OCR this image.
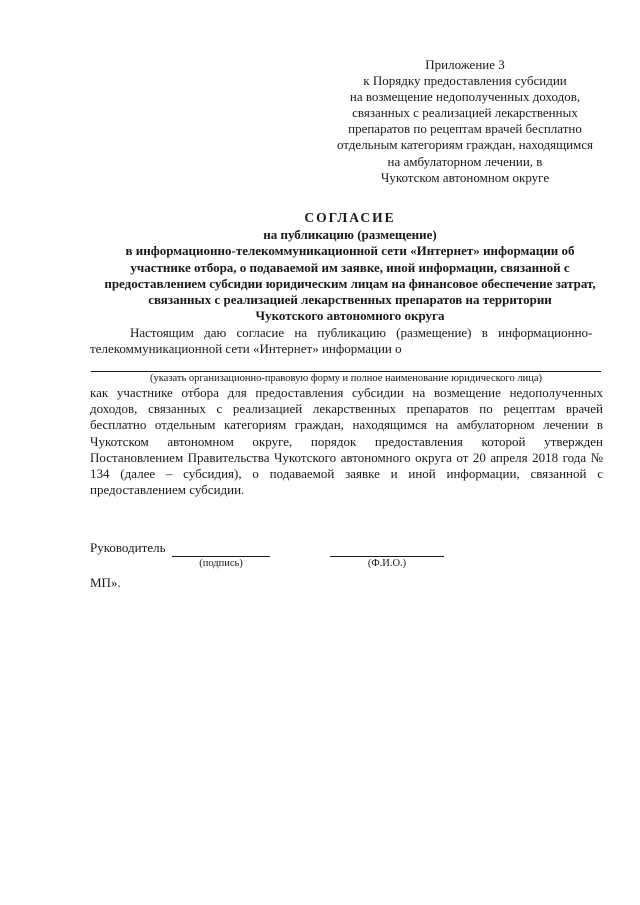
Приложение 3
к Порядку предоставления субсидии
на возмещение недополученных доходов,
связанных с реализацией лекарственных
препаратов по рецептам врачей бесплатно
отдельным категориям граждан, находящимся
на амбулаторном лечении, в
Чукотском автономном округе
СОГЛАСИЕ
на публикацию (размещение)
в информационно-телекоммуникационной сети «Интернет» информации об
участнике отбора, о подаваемой им заявке, иной информации, связанной с
предоставлением субсидии юридическим лицам на финансовое обеспечение затрат,
связанных с реализацией лекарственных препаратов на территории
Чукотского автономного округа
Настоящим даю согласие на публикацию (размещение) в информационно-
телекоммуникационной сети «Интернет» информации о
(указать организационно-правовую форму и полное наименование юридического лица)
как участнике отбора для предоставления субсидии на возмещение недополученных доходов, связанных с реализацией лекарственных препаратов по рецептам врачей бесплатно отдельным категориям граждан, находящимся на амбулаторном лечении в Чукотском автономном округе, порядок предоставления которой утвержден Постановлением Правительства Чукотского автономного округа от 20 апреля 2018 года № 134 (далее – субсидия), о подаваемой заявке и иной информации, связанной с предоставлением субсидии.
Руководитель
(подпись)	(Ф.И.О.)
МП».
